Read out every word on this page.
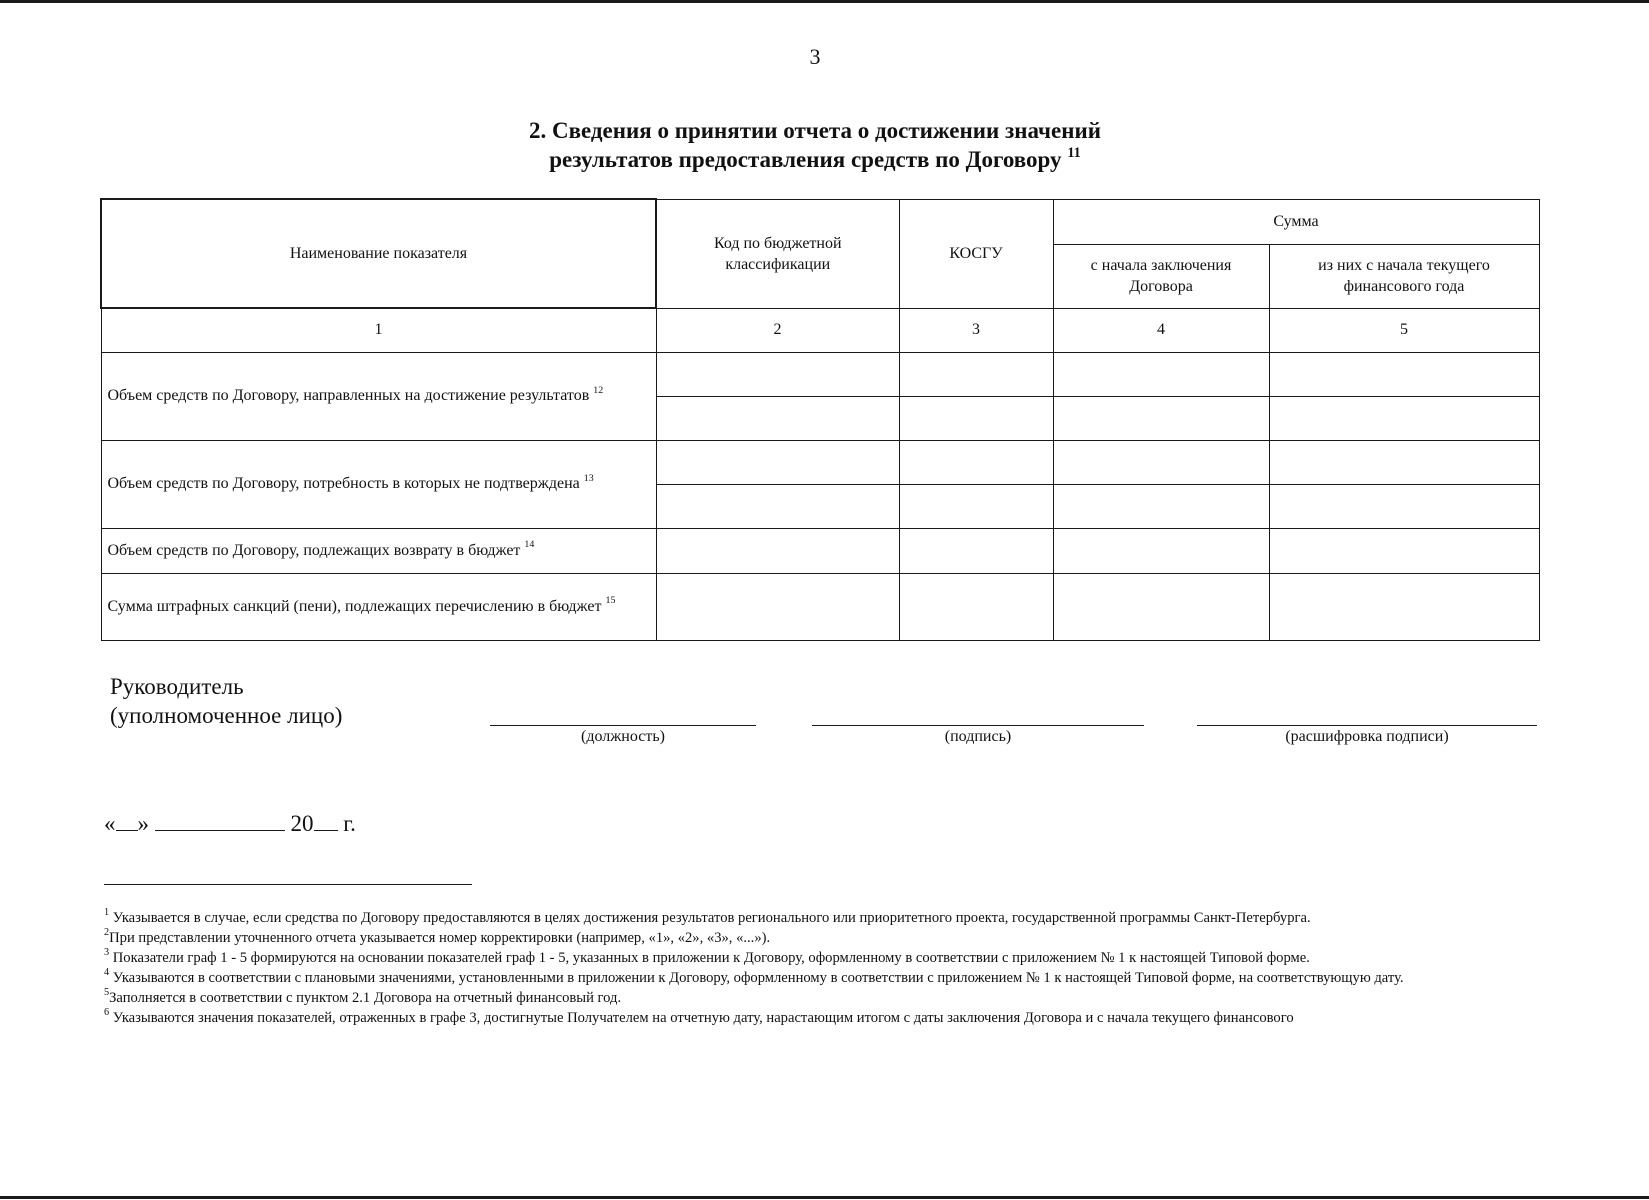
3
2. Сведения о принятии отчета о достижении значений
результатов предоставления средств по Договору $^{11}$
Наименование показателя	Код по бюджетной классификации	КОСГУ	Сумма	

			с начала заключения Договора	из них с начала текущего финансового года

1	2	3	4	5
Объем средств по Договору, направленных на достижение результатов $^{12}$				

Объем средств по Договору, потребность в которых не подтверждена $^{13}$				

Объем средств по Договору, подлежащих возврату в бюджет $^{14}$				
Сумма штрафных санкций (пени), подлежащих перечислению в бюджет $^{15}$				
Руководитель
(уполномоченное лицо)
(должность)	(подпись)	(расшифровка подписи)
« »	20 г.

$^1$ Указывается в случае, если средства по Договору предоставляются в целях достижения результатов регионального или приоритетного проекта, государственной программы Санкт-Петербурга.

$^2$При представлении уточненного отчета указывается номер корректировки (например, «1», «2», «3», «...»).

$^3$ Показатели граф 1 - 5 формируются на основании показателей граф 1 - 5, указанных в приложении к Договору, оформленному в соответствии с приложением № 1 к настоящей Типовой форме.

$^4$ Указываются в соответствии с плановыми значениями, установленными в приложении к Договору, оформленному в соответствии с приложением № 1 к настоящей Типовой форме, на соответствующую дату.

$^5$Заполняется в соответствии с пунктом 2.1 Договора на отчетный финансовый год.

$^6$ Указываются значения показателей, отраженных в графе 3, достигнутые Получателем на отчетную дату, нарастающим итогом с даты заключения Договора и с начала текущего финансового
